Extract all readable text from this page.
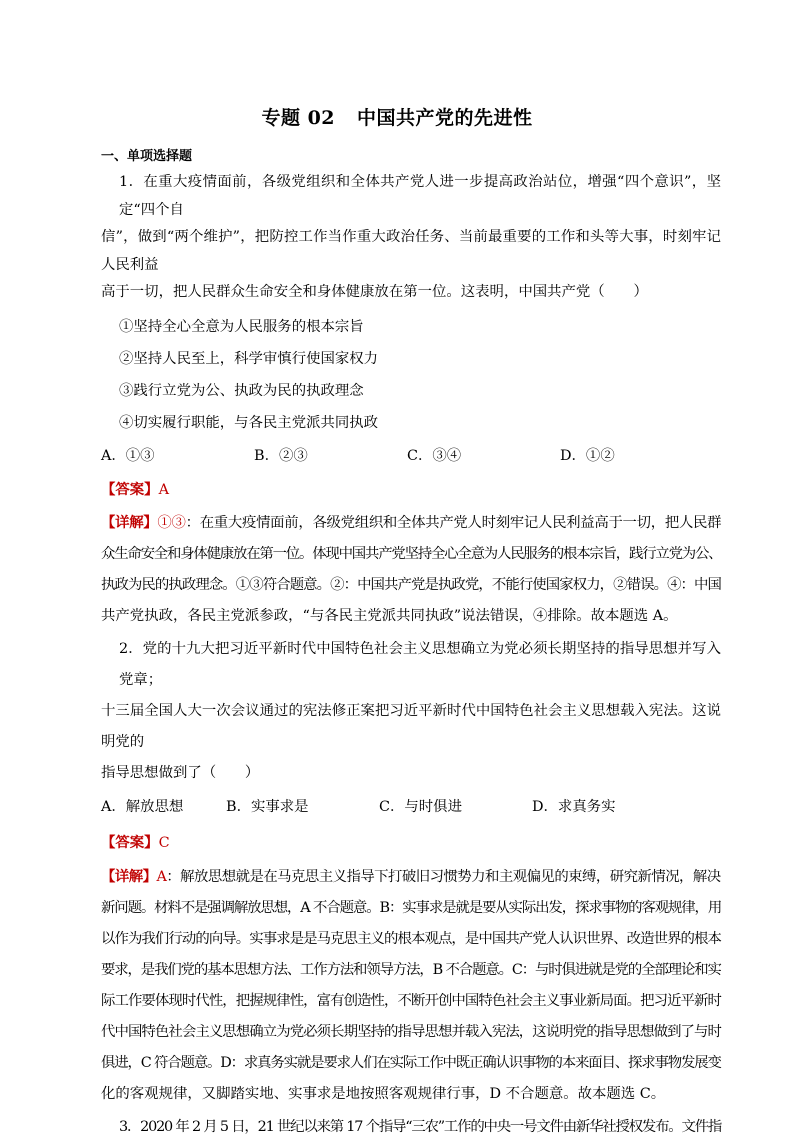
专题 02 中国共产党的先进性
一、单项选择题

1．在重大疫情面前，各级党组织和全体共产党人进一步提高政治站位，增强“四个意识”，坚定“四个自

信”，做到“两个维护”，把防控工作当作重大政治任务、当前最重要的工作和头等大事，时刻牢记人民利益

高于一切，把人民群众生命安全和身体健康放在第一位。这表明，中国共产党（　　）

①坚持全心全意为人民服务的根本宗旨

②坚持人民至上，科学审慎行使国家权力

③践行立党为公、执政为民的执政理念

④切实履行职能，与各民主党派共同执政

A．①③	B．②③	C．③④	D．①②

【答案】A

【详解】①③：在重大疫情面前，各级党组织和全体共产党人时刻牢记人民利益高于一切，把人民群
众生命安全和身体健康放在第一位。体现中国共产党坚持全心全意为人民服务的根本宗旨，践行立党为公、
执政为民的执政理念。①③符合题意。②：中国共产党是执政党，不能行使国家权力，②错误。④：中国
共产党执政，各民主党派参政，“与各民主党派共同执政”说法错误，④排除。故本题选 A。

2．党的十九大把习近平新时代中国特色社会主义思想确立为党必须长期坚持的指导思想并写入党章；

十三届全国人大一次会议通过的宪法修正案把习近平新时代中国特色社会主义思想载入宪法。这说明党的

指导思想做到了（　　）

A．解放思想	B．实事求是	C．与时俱进	D．求真务实

【答案】C

【详解】A：解放思想就是在马克思主义指导下打破旧习惯势力和主观偏见的束缚，研究新情况，解决
新问题。材料不是强调解放思想，A 不合题意。B：实事求是就是要从实际出发，探求事物的客观规律，用
以作为我们行动的向导。实事求是是马克思主义的根本观点，是中国共产党人认识世界、改造世界的根本
要求，是我们党的基本思想方法、工作方法和领导方法，B 不合题意。C：与时俱进就是党的全部理论和实
际工作要体现时代性，把握规律性，富有创造性，不断开创中国特色社会主义事业新局面。把习近平新时
代中国特色社会主义思想确立为党必须长期坚持的指导思想并载入宪法，这说明党的指导思想做到了与时
俱进，C 符合题意。D：求真务实就是要求人们在实际工作中既正确认识事物的本来面目、探求事物发展变
化的客观规律，又脚踏实地、实事求是地按照客观规律行事，D 不合题意。故本题选 C。

3．2020 年 2 月 5 日，21 世纪以来第 17 个指导“三农”工作的中央一号文件由新华社授权发布。文件指
